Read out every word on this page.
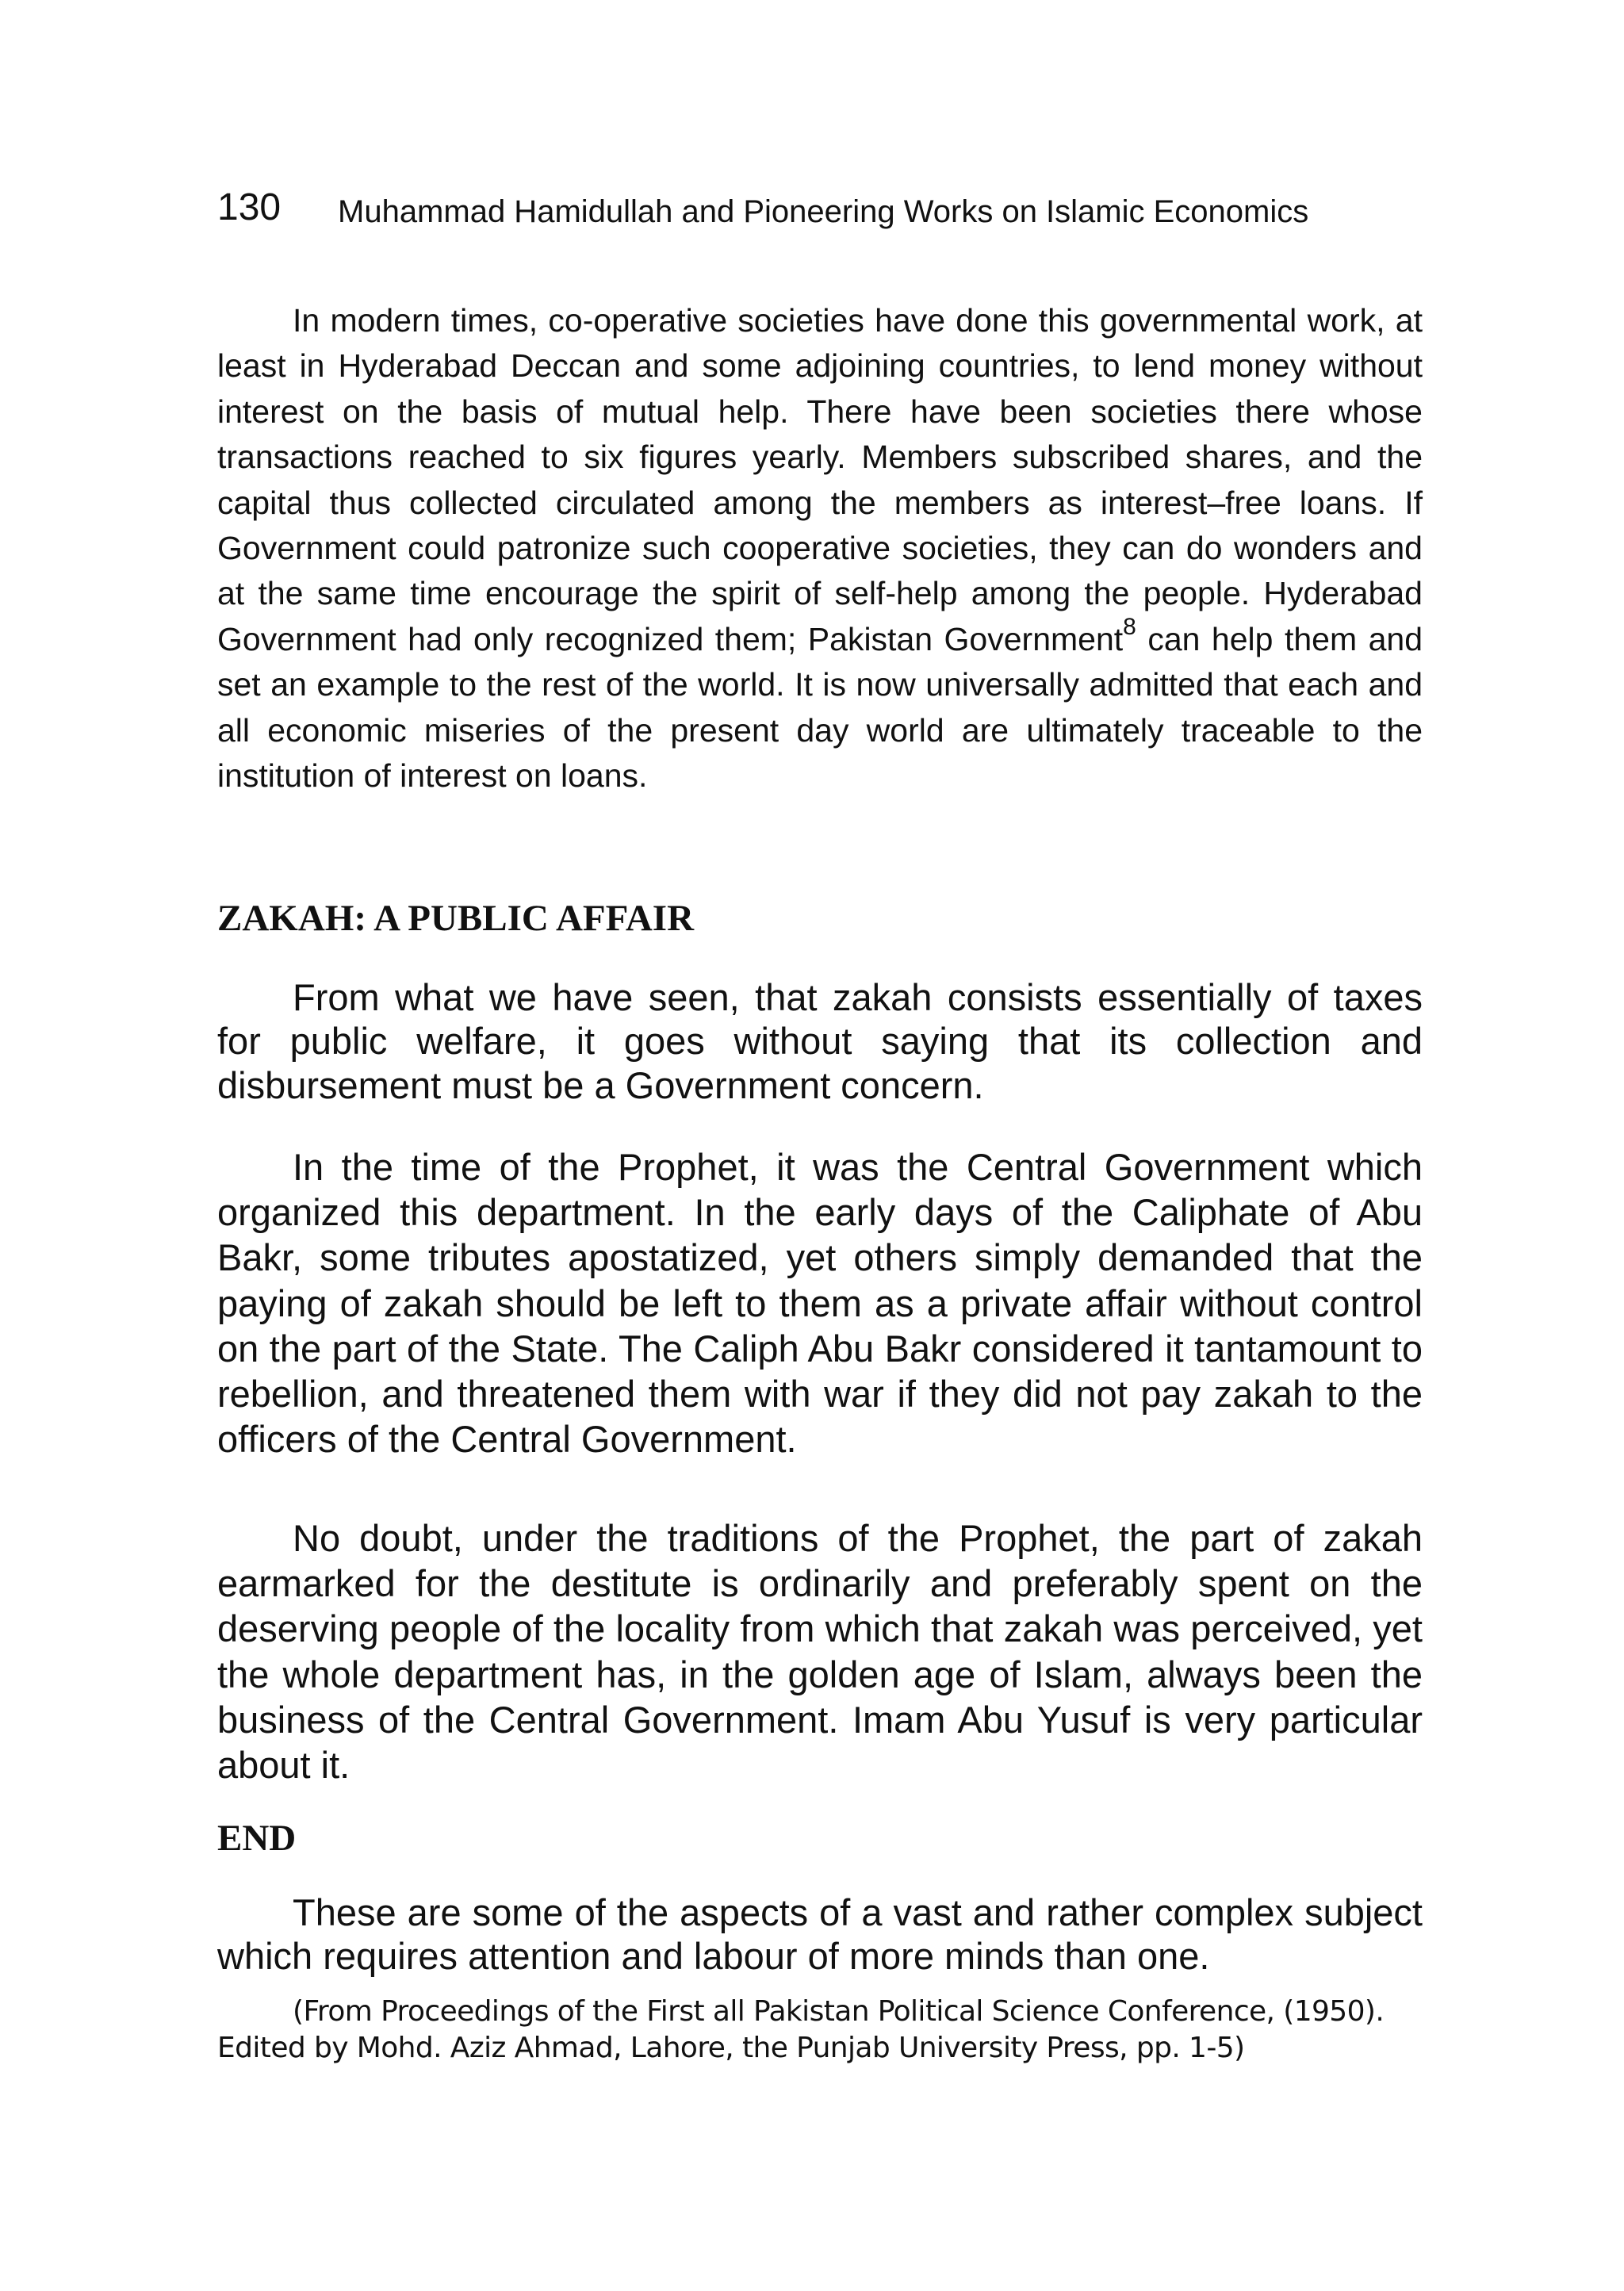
130 Muhammad Hamidullah and Pioneering Works on Islamic Economics

In modern times, co-operative societies have done this governmental work, at least in Hyderabad Deccan and some adjoining countries, to lend money without interest on the basis of mutual help. There have been societies there whose transactions reached to six figures yearly. Members subscribed shares, and the capital thus collected circulated among the members as interest–free loans. If Government could patronize such cooperative societies, they can do wonders and at the same time encourage the spirit of self-help among the people. Hyderabad Government had only recognized them; Pakistan Government$^8$ can help them and set an example to the rest of the world. It is now universally admitted that each and all economic miseries of the present day world are ultimately traceable to the institution of interest on loans.

ZAKAH: A PUBLIC AFFAIR

From what we have seen, that zakah consists essentially of taxes for public welfare, it goes without saying that its collection and disbursement must be a Government concern.

In the time of the Prophet, it was the Central Government which organized this department. In the early days of the Caliphate of Abu Bakr, some tributes apostatized, yet others simply demanded that the paying of zakah should be left to them as a private affair without control on the part of the State. The Caliph Abu Bakr considered it tantamount to rebellion, and threatened them with war if they did not pay zakah to the officers of the Central Government.

No doubt, under the traditions of the Prophet, the part of zakah earmarked for the destitute is ordinarily and preferably spent on the deserving people of the locality from which that zakah was perceived, yet the whole department has, in the golden age of Islam, always been the business of the Central Government. Imam Abu Yusuf is very particular about it.

END

These are some of the aspects of a vast and rather complex subject which requires attention and labour of more minds than one.

(From Proceedings of the First all Pakistan Political Science Conference, (1950). Edited by Mohd. Aziz Ahmad, Lahore, the Punjab University Press, pp. 1-5)
